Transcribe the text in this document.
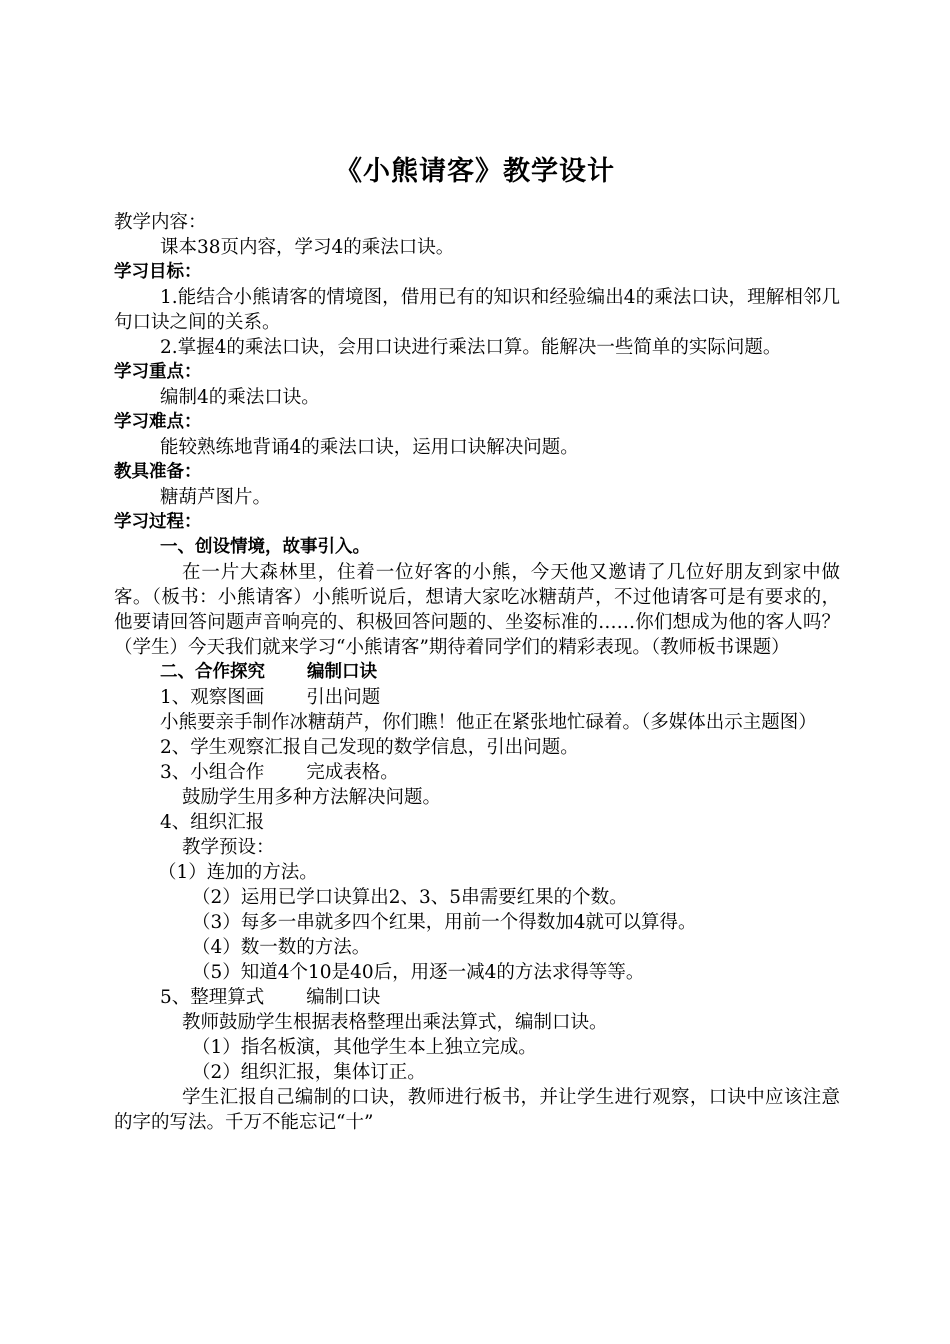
《小熊请客》教学设计

教学内容：

课本38页内容，学习4的乘法口诀。

学习目标：

1.能结合小熊请客的情境图，借用已有的知识和经验编出4的乘法口诀，理解相邻几句口诀之间的关系。

2.掌握4的乘法口诀，会用口诀进行乘法口算。能解决一些简单的实际问题。

学习重点：

编制4的乘法口诀。

学习难点：

能较熟练地背诵4的乘法口诀，运用口诀解决问题。

教具准备：

糖葫芦图片。

学习过程：

一、创设情境，故事引入。

在一片大森林里，住着一位好客的小熊，今天他又邀请了几位好朋友到家中做客。（板书：小熊请客）小熊听说后，想请大家吃冰糖葫芦，不过他请客可是有要求的，他要请回答问题声音响亮的、积极回答问题的、坐姿标准的……你们想成为他的客人吗？（学生）今天我们就来学习“小熊请客”期待着同学们的精彩表现。（教师板书课题）

二、合作探究 编制口诀

1、观察图画 引出问题

小熊要亲手制作冰糖葫芦，你们瞧！他正在紧张地忙碌着。（多媒体出示主题图）

2、学生观察汇报自己发现的数学信息，引出问题。

3、小组合作 完成表格。

鼓励学生用多种方法解决问题。

4、组织汇报

教学预设：

（1）连加的方法。

（2）运用已学口诀算出2、3、5串需要红果的个数。

（3）每多一串就多四个红果，用前一个得数加4就可以算得。

（4）数一数的方法。

（5）知道4个10是40后，用逐一减4的方法求得等等。

5、整理算式 编制口诀

教师鼓励学生根据表格整理出乘法算式，编制口诀。

（1）指名板演，其他学生本上独立完成。

（2）组织汇报，集体订正。

学生汇报自己编制的口诀，教师进行板书，并让学生进行观察，口诀中应该注意的字的写法。千万不能忘记“十”
